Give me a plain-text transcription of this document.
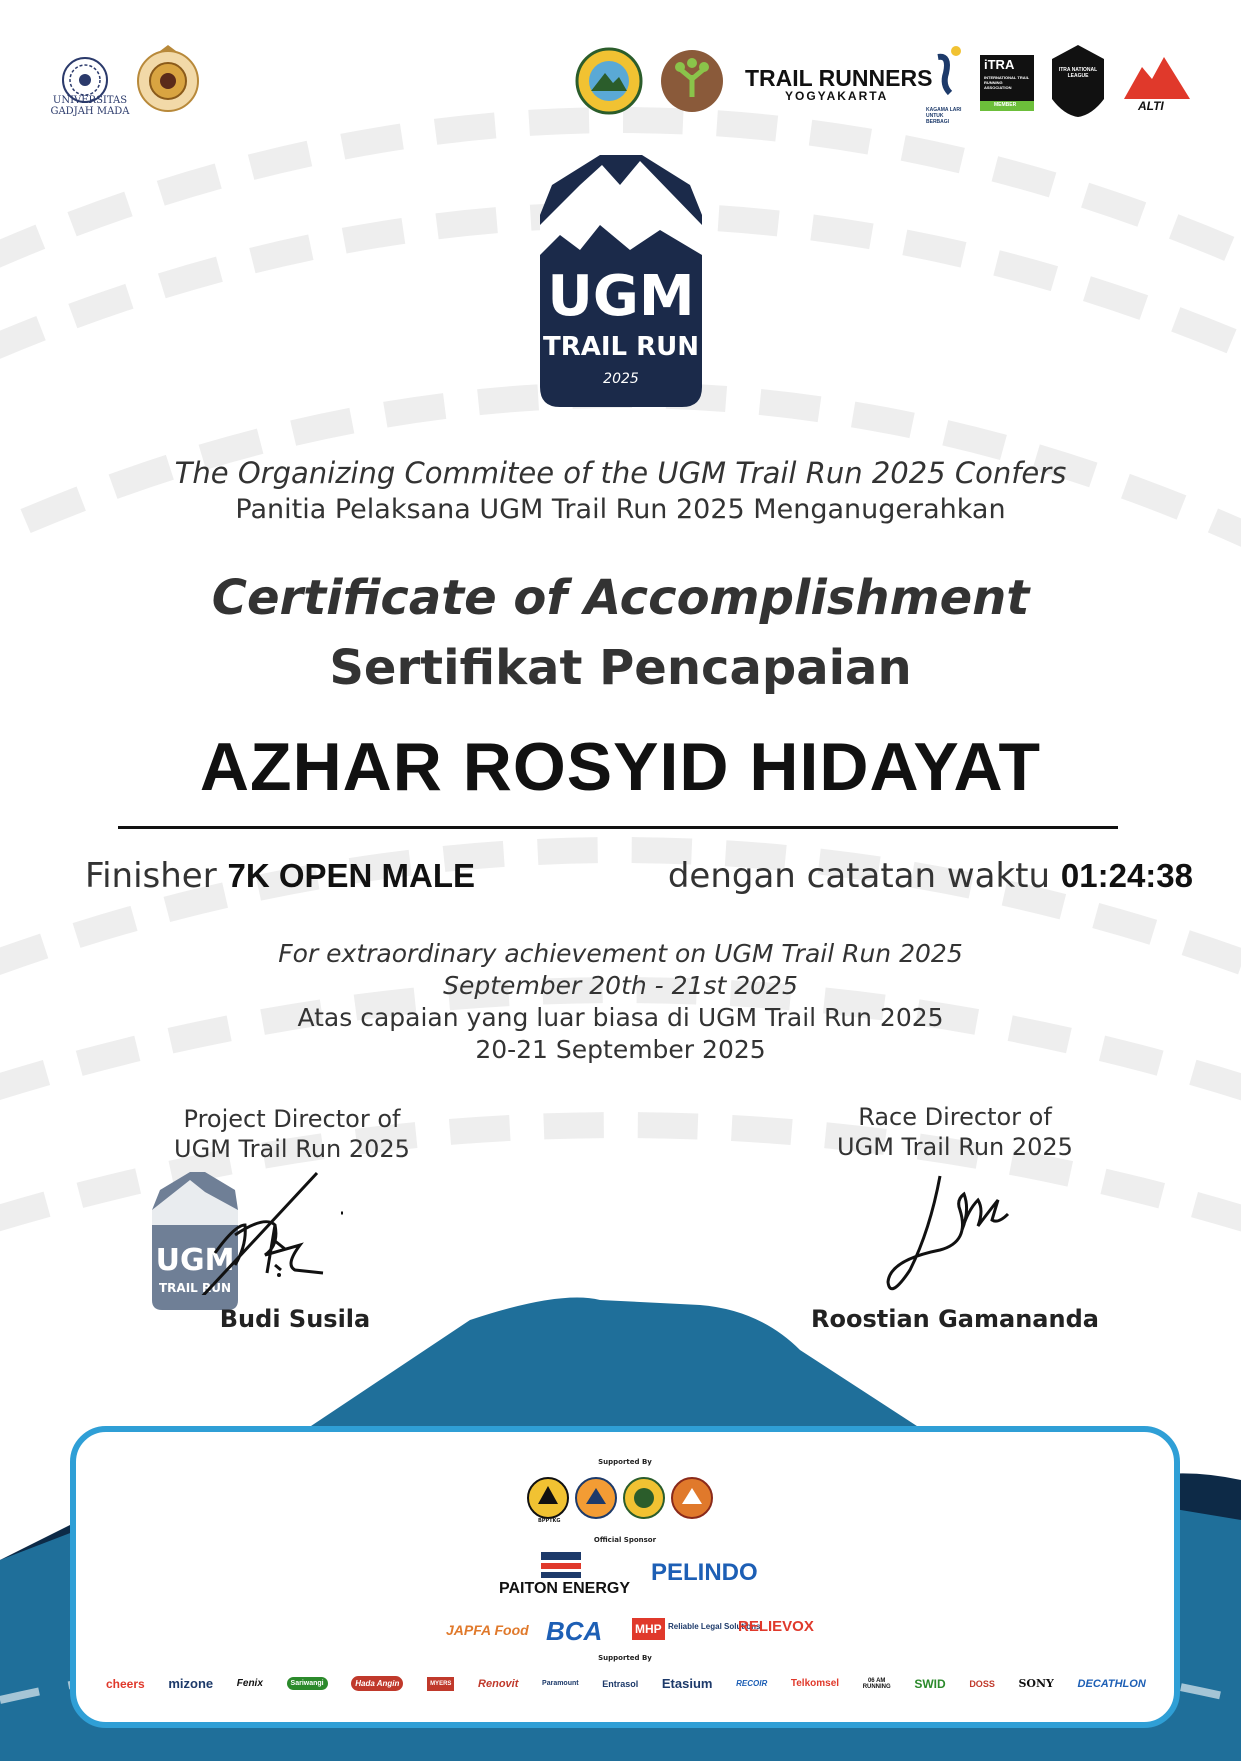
UNIVERSITAS GADJAH MADA
TRAIL RUNNERS
YOGYAKARTA
KAGAMA LARI UNTUK BERBAGI
iTRA
INTERNATIONAL TRAIL RUNNING ASSOCIATION
MEMBER
ITRA NATIONAL LEAGUE
ALTI
UGM
TRAIL RUN
2025
The Organizing Commitee of the UGM Trail Run 2025 Confers
Panitia Pelaksana UGM Trail Run 2025 Menganugerahkan
Certificate of Accomplishment
Sertifikat Pencapaian
AZHAR ROSYID HIDAYAT
Finisher 7K OPEN MALE	dengan catatan waktu 01:24:38
For extraordinary achievement on UGM Trail Run 2025
September 20th - 21st 2025
Atas capaian yang luar biasa di UGM Trail Run 2025
20-21 September 2025
Project Director of
UGM Trail Run 2025
UGM
TRAIL RUN
Budi Susila
Race Director of
UGM Trail Run 2025
Roostian Gamananda
Supported By
BPPTKG
Official Sponsor
PAITON ENERGY
PELINDO
JAPFA Food BCA	MHP Reliable Legal Solutions
RELIEVOX
Supported By
cheers mizone Fenix	Sariwangi	Hada Angin	MYERS Renovit	Paramount	Entrasol Etasium	RECOIR Telkomsel	06 AM RUNNING SWID	DOSS SONY DECATHLON
